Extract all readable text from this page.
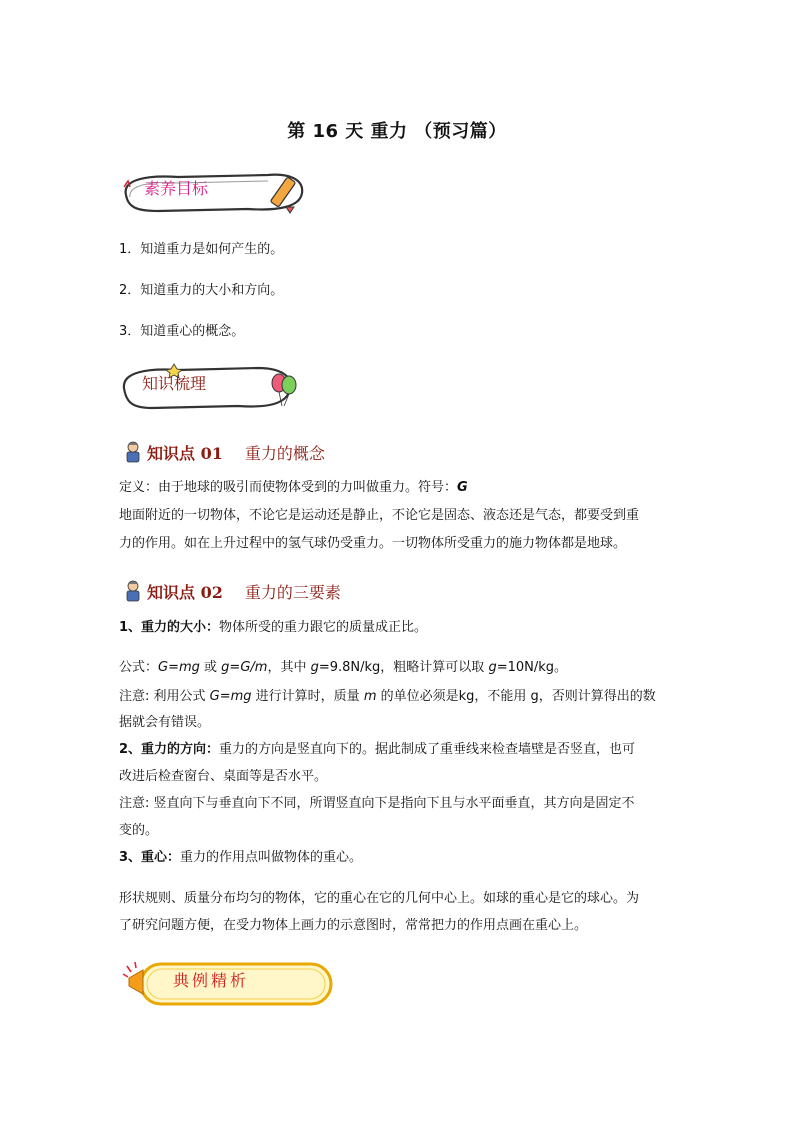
第 16 天 重力 （预习篇）
素养目标
1．知道重力是如何产生的。
2．知道重力的大小和方向。
3．知道重心的概念。
知识梳理
知识点 01 重力的概念
定义：由于地球的吸引而使物体受到的力叫做重力。符号：G
地面附近的一切物体，不论它是运动还是静止，不论它是固态、液态还是气态，都要受到重
力的作用。如在上升过程中的氢气球仍受重力。一切物体所受重力的施力物体都是地球。
知识点 02 重力的三要素
1、重力的大小：物体所受的重力跟它的质量成正比。
公式：G=mg 或 g=G/m，其中 g=9.8N/kg，粗略计算可以取 g=10N/kg。
注意: 利用公式 G=mg 进行计算时，质量 m 的单位必须是kg，不能用 g，否则计算得出的数
据就会有错误。
2、重力的方向：重力的方向是竖直向下的。据此制成了重垂线来检查墙壁是否竖直，也可
改进后检查窗台、桌面等是否水平。
注意: 竖直向下与垂直向下不同，所谓竖直向下是指向下且与水平面垂直，其方向是固定不
变的。
3、重心：重力的作用点叫做物体的重心。
形状规则、质量分布均匀的物体，它的重心在它的几何中心上。如球的重心是它的球心。为
了研究问题方便，在受力物体上画力的示意图时，常常把力的作用点画在重心上。
典例精析
